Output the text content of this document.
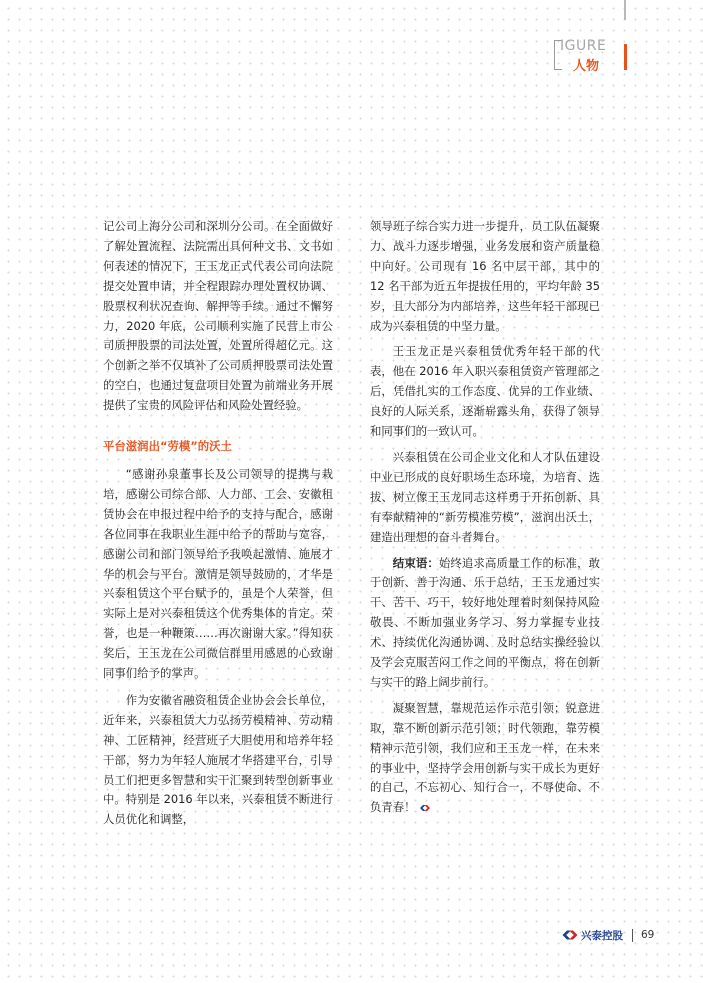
IGURE
人物

记公司上海分公司和深圳分公司。在全面做好了解处置流程、法院需出具何种文书、文书如何表述的情况下，王玉龙正式代表公司向法院提交处置申请，并全程跟踪办理处置权协调、股票权利状况查询、解押等手续。通过不懈努力，2020 年底，公司顺利实施了民营上市公司质押股票的司法处置，处置所得超亿元。这个创新之举不仅填补了公司质押股票司法处置的空白，也通过复盘项目处置为前端业务开展提供了宝贵的风险评估和风险处置经验。

平台滋润出“劳模”的沃土

“感谢孙泉董事长及公司领导的提携与栽培，感谢公司综合部、人力部、工会、安徽租赁协会在申报过程中给予的支持与配合，感谢各位同事在我职业生涯中给予的帮助与宽容，感谢公司和部门领导给予我唤起激情、施展才华的机会与平台。激情是领导鼓励的，才华是兴泰租赁这个平台赋予的，虽是个人荣誉，但实际上是对兴泰租赁这个优秀集体的肯定。荣誉，也是一种鞭策……再次谢谢大家。”得知获奖后，王玉龙在公司微信群里用感恩的心致谢同事们给予的掌声。

作为安徽省融资租赁企业协会会长单位，近年来，兴泰租赁大力弘扬劳模精神、劳动精神、工匠精神，经营班子大胆使用和培养年轻干部，努力为年轻人施展才华搭建平台，引导员工们把更多智慧和实干汇聚到转型创新事业中。特别是 2016 年以来，兴泰租赁不断进行人员优化和调整，

领导班子综合实力进一步提升，员工队伍凝聚力、战斗力逐步增强，业务发展和资产质量稳中向好。公司现有 16 名中层干部，其中的 12 名干部为近五年提拔任用的，平均年龄 35 岁，且大部分为内部培养，这些年轻干部现已成为兴泰租赁的中坚力量。

王玉龙正是兴泰租赁优秀年轻干部的代表，他在 2016 年入职兴泰租赁资产管理部之后，凭借扎实的工作态度、优异的工作业绩、良好的人际关系，逐渐崭露头角，获得了领导和同事们的一致认可。

兴泰租赁在公司企业文化和人才队伍建设中业已形成的良好职场生态环境，为培育、选拔、树立像王玉龙同志这样勇于开拓创新、具有奉献精神的“新劳模准劳模”，滋润出沃土，建造出理想的奋斗者舞台。

结束语：始终追求高质量工作的标准，敢于创新、善于沟通、乐于总结，王玉龙通过实干、苦干、巧干，较好地处理着时刻保持风险敬畏、不断加强业务学习、努力掌握专业技术、持续优化沟通协调、及时总结实操经验以及学会克服苦闷工作之间的平衡点，将在创新与实干的路上阔步前行。

凝聚智慧，靠规范运作示范引领；锐意进取，靠不断创新示范引领；时代领跑，靠劳模精神示范引领，我们应和王玉龙一样，在未来的事业中，坚持学会用创新与实干成长为更好的自己，不忘初心、知行合一，不辱使命、不负青春！

兴泰控股 69
